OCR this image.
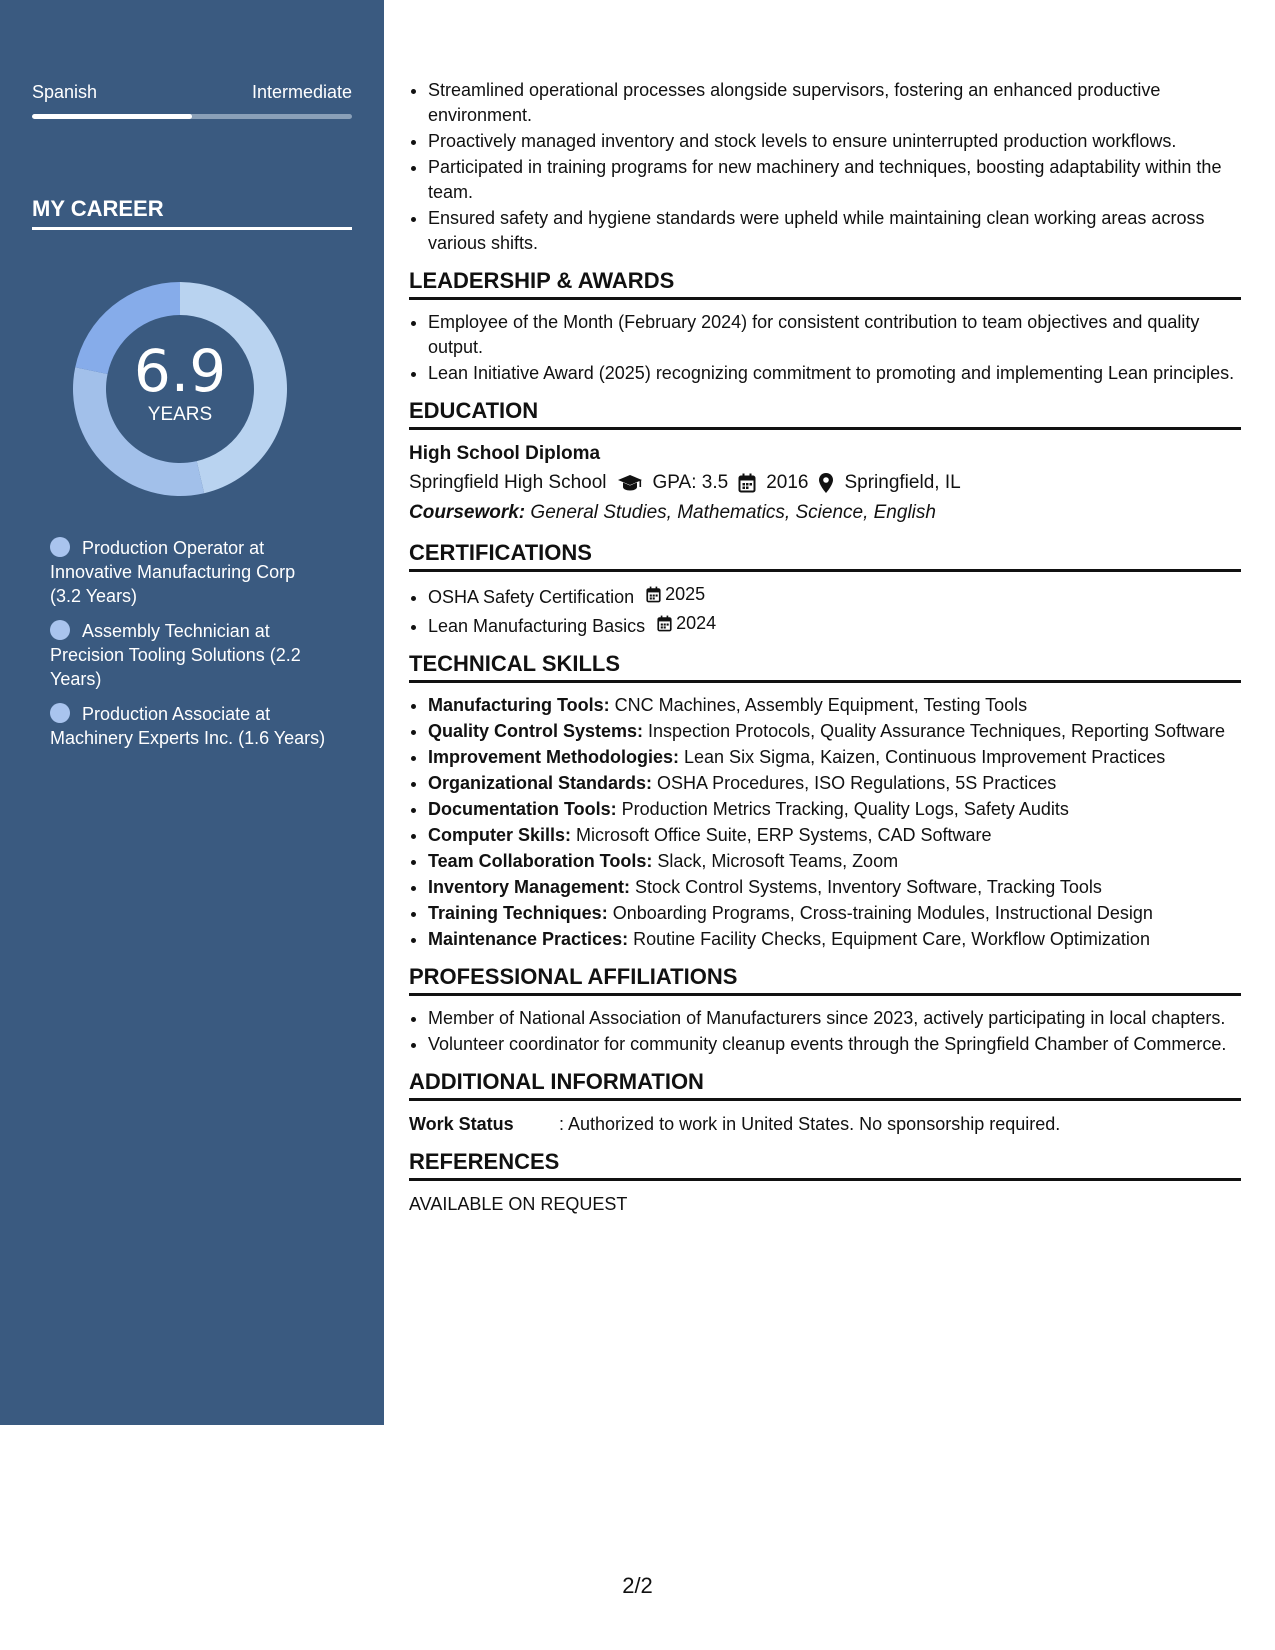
Spanish	Intermediate
MY CAREER
6.9
YEARS
Production Operator at Innovative Manufacturing Corp (3.2 Years)
Assembly Technician at Precision Tooling Solutions (2.2 Years)
Production Associate at Machinery Experts Inc. (1.6 Years)
• Streamlined operational processes alongside supervisors, fostering an enhanced productive environment.
• Proactively managed inventory and stock levels to ensure uninterrupted production workflows.
• Participated in training programs for new machinery and techniques, boosting adaptability within the team.
• Ensured safety and hygiene standards were upheld while maintaining clean working areas across various shifts.
LEADERSHIP & AWARDS
• Employee of the Month (February 2024) for consistent contribution to team objectives and quality output.
• Lean Initiative Award (2025) recognizing commitment to promoting and implementing Lean principles.
EDUCATION
High School Diploma
Springfield High School GPA: 3.5 2016 Springfield, IL
Coursework: General Studies, Mathematics, Science, English
CERTIFICATIONS
• OSHA Safety Certification 2025
• Lean Manufacturing Basics 2024
TECHNICAL SKILLS
• Manufacturing Tools: CNC Machines, Assembly Equipment, Testing Tools
• Quality Control Systems: Inspection Protocols, Quality Assurance Techniques, Reporting Software
• Improvement Methodologies: Lean Six Sigma, Kaizen, Continuous Improvement Practices
• Organizational Standards: OSHA Procedures, ISO Regulations, 5S Practices
• Documentation Tools: Production Metrics Tracking, Quality Logs, Safety Audits
• Computer Skills: Microsoft Office Suite, ERP Systems, CAD Software
• Team Collaboration Tools: Slack, Microsoft Teams, Zoom
• Inventory Management: Stock Control Systems, Inventory Software, Tracking Tools
• Training Techniques: Onboarding Programs, Cross-training Modules, Instructional Design
• Maintenance Practices: Routine Facility Checks, Equipment Care, Workflow Optimization
PROFESSIONAL AFFILIATIONS
• Member of National Association of Manufacturers since 2023, actively participating in local chapters.
• Volunteer coordinator for community cleanup events through the Springfield Chamber of Commerce.
ADDITIONAL INFORMATION
Work Status	: Authorized to work in United States. No sponsorship required.
REFERENCES
AVAILABLE ON REQUEST
2/2
